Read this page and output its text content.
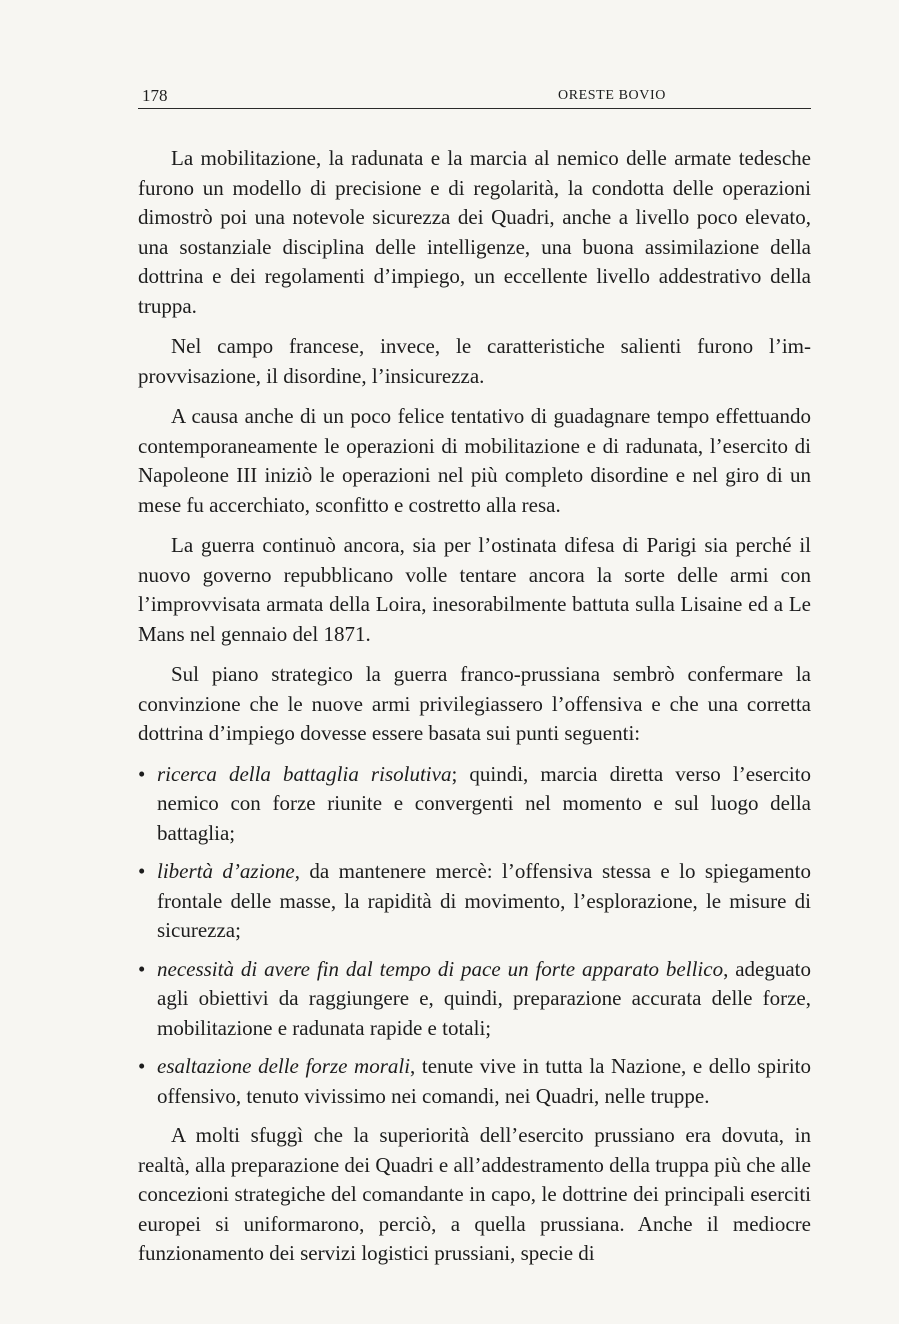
178	ORESTE BOVIO

La mobilitazione, la radunata e la marcia al nemico delle armate tedesche furono un modello di precisione e di regolarità, la condotta delle operazioni dimostrò poi una notevole sicurezza dei Quadri, anche a livello poco elevato, una sostanziale disciplina delle intelligenze, una buona assimilazione della dottrina e dei regolamenti d’impiego, un eccellente livello addestrativo della truppa.

Nel campo francese, invece, le caratteristiche salienti furono l’improvvisazione, il disordine, l’insicurezza.

A causa anche di un poco felice tentativo di guadagnare tempo effettuando contemporaneamente le operazioni di mobilitazione e di radunata, l’esercito di Napoleone III iniziò le operazioni nel più completo disordine e nel giro di un mese fu accerchiato, sconfitto e costretto alla resa.

La guerra continuò ancora, sia per l’ostinata difesa di Parigi sia perché il nuovo governo repubblicano volle tentare ancora la sorte delle armi con l’improvvisata armata della Loira, inesorabilmente battuta sulla Lisaine ed a Le Mans nel gennaio del 1871.

Sul piano strategico la guerra franco-prussiana sembrò confermare la convinzione che le nuove armi privilegiassero l’offensiva e che una corretta dottrina d’impiego dovesse essere basata sui punti seguenti:

• ricerca della battaglia risolutiva; quindi, marcia diretta verso l’esercito nemico con forze riunite e convergenti nel momento e sul luogo della battaglia;
• libertà d’azione, da mantenere mercè: l’offensiva stessa e lo spiegamento frontale delle masse, la rapidità di movimento, l’esplorazione, le misure di sicurezza;
• necessità di avere fin dal tempo di pace un forte apparato bellico, adeguato agli obiettivi da raggiungere e, quindi, preparazione accurata delle forze, mobilitazione e radunata rapide e totali;
• esaltazione delle forze morali, tenute vive in tutta la Nazione, e dello spirito offensivo, tenuto vivissimo nei comandi, nei Quadri, nelle truppe.

A molti sfuggì che la superiorità dell’esercito prussiano era dovuta, in realtà, alla preparazione dei Quadri e all’addestramento della truppa più che alle concezioni strategiche del comandante in capo, le dottrine dei principali eserciti europei si uniformarono, perciò, a quella prussiana. Anche il mediocre funzionamento dei servizi logistici prussiani, specie di
